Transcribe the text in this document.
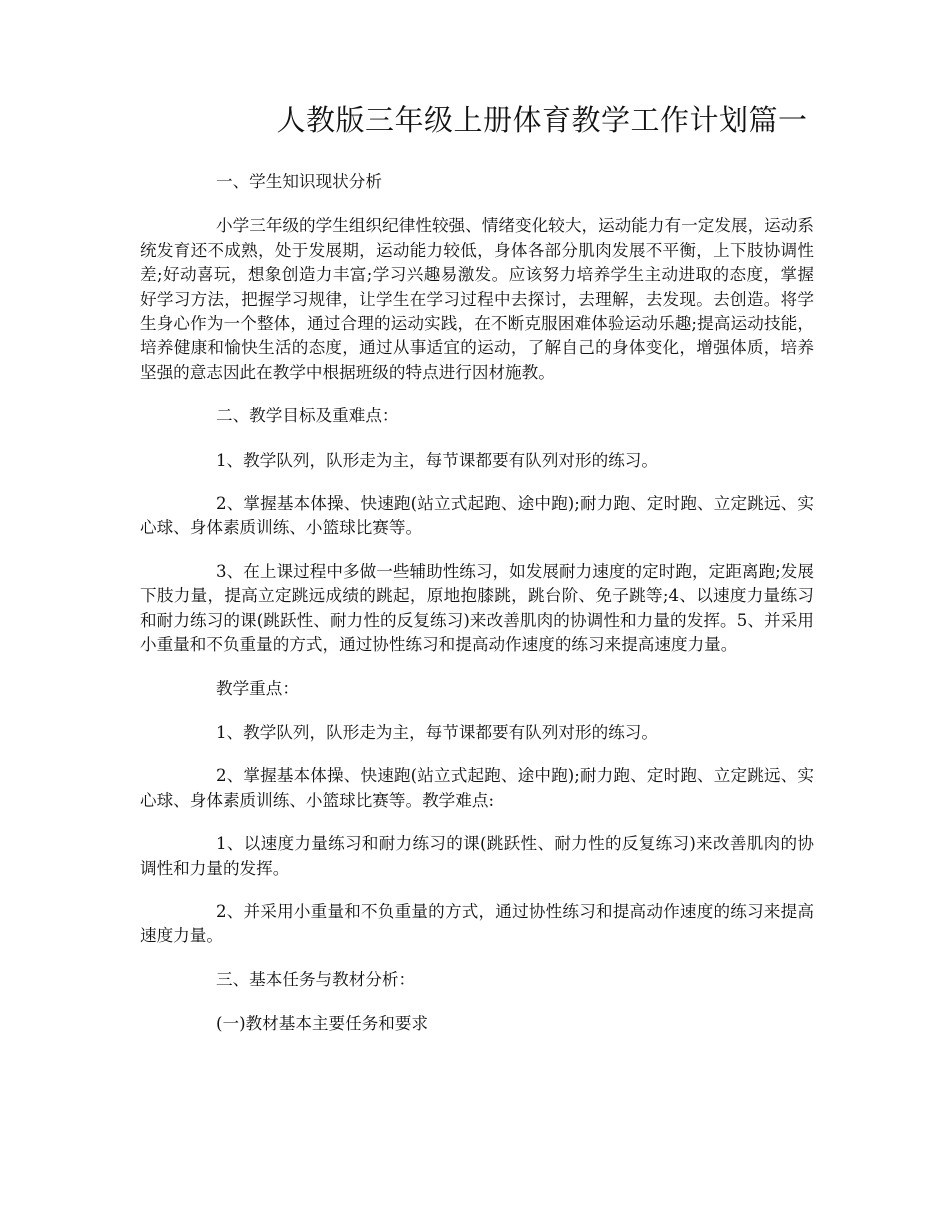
人教版三年级上册体育教学工作计划篇一

一、学生知识现状分析

小学三年级的学生组织纪律性较强、情绪变化较大，运动能力有一定发展，运动系统发育还不成熟，处于发展期，运动能力较低，身体各部分肌肉发展不平衡，上下肢协调性差;好动喜玩，想象创造力丰富;学习兴趣易激发。应该努力培养学生主动进取的态度，掌握好学习方法，把握学习规律，让学生在学习过程中去探讨，去理解，去发现。去创造。将学生身心作为一个整体，通过合理的运动实践，在不断克服困难体验运动乐趣;提高运动技能，培养健康和愉快生活的态度，通过从事适宜的运动，了解自己的身体变化，增强体质，培养坚强的意志因此在教学中根据班级的特点进行因材施教。

二、教学目标及重难点：

1、教学队列，队形走为主，每节课都要有队列对形的练习。

2、掌握基本体操、快速跑(站立式起跑、途中跑);耐力跑、定时跑、立定跳远、实心球、身体素质训练、小篮球比赛等。

3、在上课过程中多做一些辅助性练习，如发展耐力速度的定时跑，定距离跑;发展下肢力量，提高立定跳远成绩的跳起，原地抱膝跳，跳台阶、免子跳等;4、以速度力量练习和耐力练习的课(跳跃性、耐力性的反复练习)来改善肌肉的协调性和力量的发挥。5、并采用小重量和不负重量的方式，通过协性练习和提高动作速度的练习来提高速度力量。

教学重点：

1、教学队列，队形走为主，每节课都要有队列对形的练习。

2、掌握基本体操、快速跑(站立式起跑、途中跑);耐力跑、定时跑、立定跳远、实心球、身体素质训练、小篮球比赛等。教学难点:

1、以速度力量练习和耐力练习的课(跳跃性、耐力性的反复练习)来改善肌肉的协调性和力量的发挥。

2、并采用小重量和不负重量的方式，通过协性练习和提高动作速度的练习来提高速度力量。

三、基本任务与教材分析：

(一)教材基本主要任务和要求
